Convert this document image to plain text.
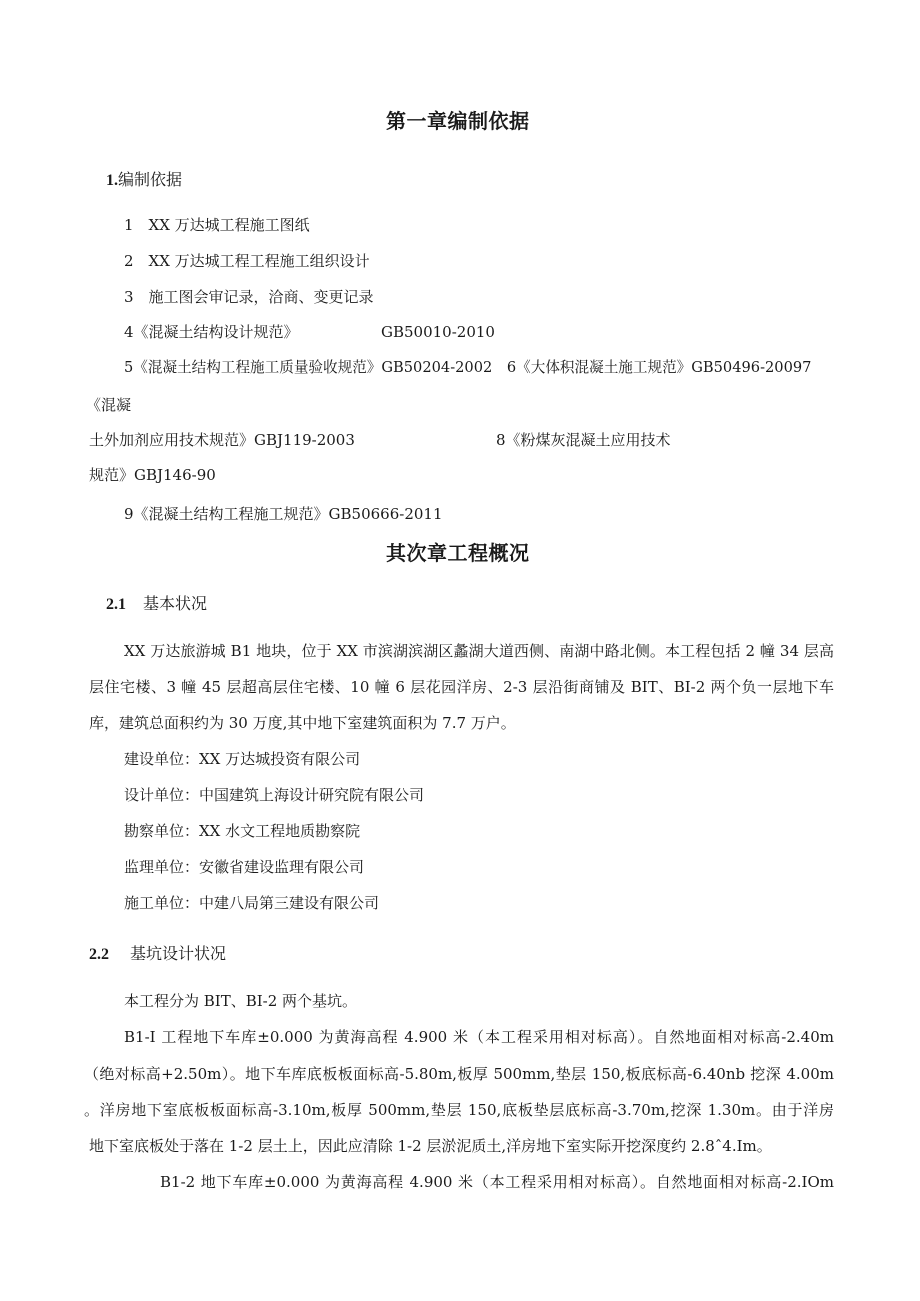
第一章编制依据
1.编制依据
1　XX 万达城工程施工图纸
2　XX 万达城工程工程施工组织设计
3　施工图会审记录，洽商、变更记录
4《混凝土结构设计规范》	GB50010-2010
5《混凝土结构工程施工质量验收规范》GB50204-2002　6《大体积混凝土施工规范》GB50496-20097
《混凝
土外加剂应用技术规范》GBJ119-2003	8《粉煤灰混凝土应用技术
规范》GBJ146-90
9《混凝土结构工程施工规范》GB50666-2011
其次章工程概况
2.1 基本状况
XX 万达旅游城 B1 地块，位于 XX 市滨湖滨湖区蠡湖大道西侧、南湖中路北侧。本工程包括 2 幢 34 层高
层住宅楼、3 幢 45 层超高层住宅楼、10 幢 6 层花园洋房、2-3 层沿街商铺及 BIT、BI-2 两个负一层地下车
库，建筑总面积约为 30 万度,其中地下室建筑面积为 7.7 万户。
建设单位：XX 万达城投资有限公司
设计单位：中国建筑上海设计研究院有限公司
勘察单位：XX 水文工程地质勘察院
监理单位：安徽省建设监理有限公司
施工单位：中建八局第三建设有限公司
2.2 基坑设计状况
本工程分为 BIT、BI-2 两个基坑。
B1-I 工程地下车库±0.000 为黄海高程 4.900 米（本工程采用相对标高）。自然地面相对标高-2.40m
（绝对标高+2.50m）。地下车库底板板面标高-5.80m,板厚 500mm,垫层 150,板底标高-6.40nb 挖深 4.00m
。洋房地下室底板板面标高-3.10m,板厚 500mm,垫层 150,底板垫层底标高-3.70m,挖深 1.30m。由于洋房
地下室底板处于落在 1-2 层土上，因此应清除 1-2 层淤泥质土,洋房地下室实际开挖深度约 2.8ˆ4.Im。
B1-2 地下车库±0.000 为黄海高程 4.900 米（本工程采用相对标高）。自然地面相对标高-2.IOm
